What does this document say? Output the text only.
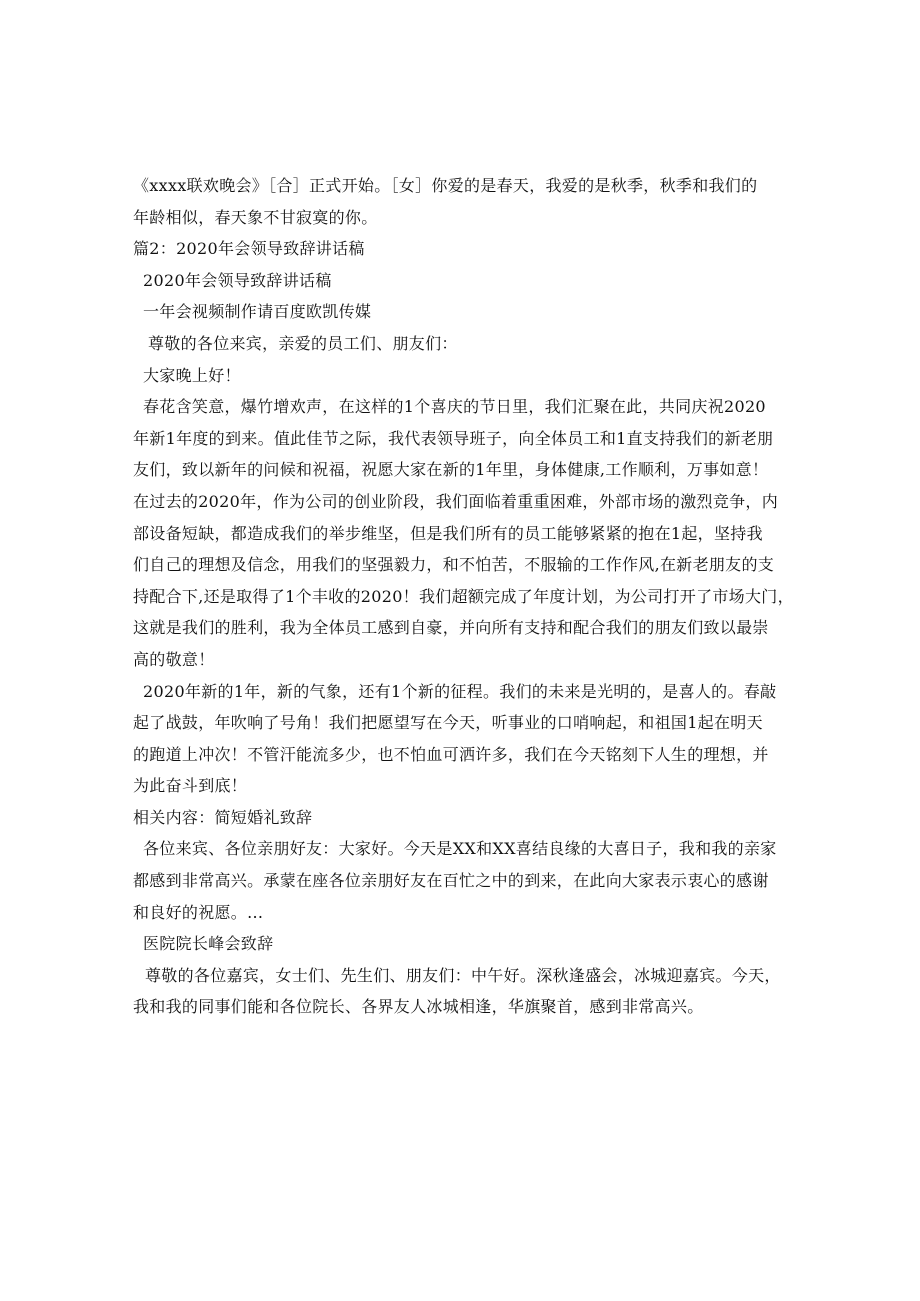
《xxxx联欢晚会》［合］正式开始。［女］你爱的是春天，我爱的是秋季，秋季和我们的

年龄相似，春天象不甘寂寞的你。

篇2：2020年会领导致辞讲话稿

2020年会领导致辞讲话稿

一年会视频制作请百度欧凯传媒

尊敬的各位来宾，亲爱的员工们、朋友们：

大家晚上好！

春花含笑意，爆竹增欢声，在这样的1个喜庆的节日里，我们汇聚在此，共同庆祝2020

年新1年度的到来。值此佳节之际，我代表领导班子，向全体员工和1直支持我们的新老朋

友们，致以新年的问候和祝福，祝愿大家在新的1年里，身体健康,工作顺利，万事如意！

在过去的2020年，作为公司的创业阶段，我们面临着重重困难，外部市场的激烈竞争，内

部设备短缺，都造成我们的举步维坚，但是我们所有的员工能够紧紧的抱在1起，坚持我

们自己的理想及信念，用我们的坚强毅力，和不怕苦，不服输的工作作风,在新老朋友的支

持配合下,还是取得了1个丰收的2020！我们超额完成了年度计划，为公司打开了市场大门，

这就是我们的胜利，我为全体员工感到自豪，并向所有支持和配合我们的朋友们致以最崇

高的敬意！

2020年新的1年，新的气象，还有1个新的征程。我们的未来是光明的，是喜人的。春敲

起了战鼓，年吹响了号角！我们把愿望写在今天，听事业的口哨响起，和祖国1起在明天

的跑道上冲次！不管汗能流多少，也不怕血可洒许多，我们在今天铭刻下人生的理想，并

为此奋斗到底！

相关内容：简短婚礼致辞

各位来宾、各位亲朋好友：大家好。今天是XX和XX喜结良缘的大喜日子，我和我的亲家

都感到非常高兴。承蒙在座各位亲朋好友在百忙之中的到来，在此向大家表示衷心的感谢

和良好的祝愿。...

医院院长峰会致辞

尊敬的各位嘉宾，女士们、先生们、朋友们：中午好。深秋逢盛会，冰城迎嘉宾。今天，

我和我的同事们能和各位院长、各界友人冰城相逢，华旗聚首，感到非常高兴。
